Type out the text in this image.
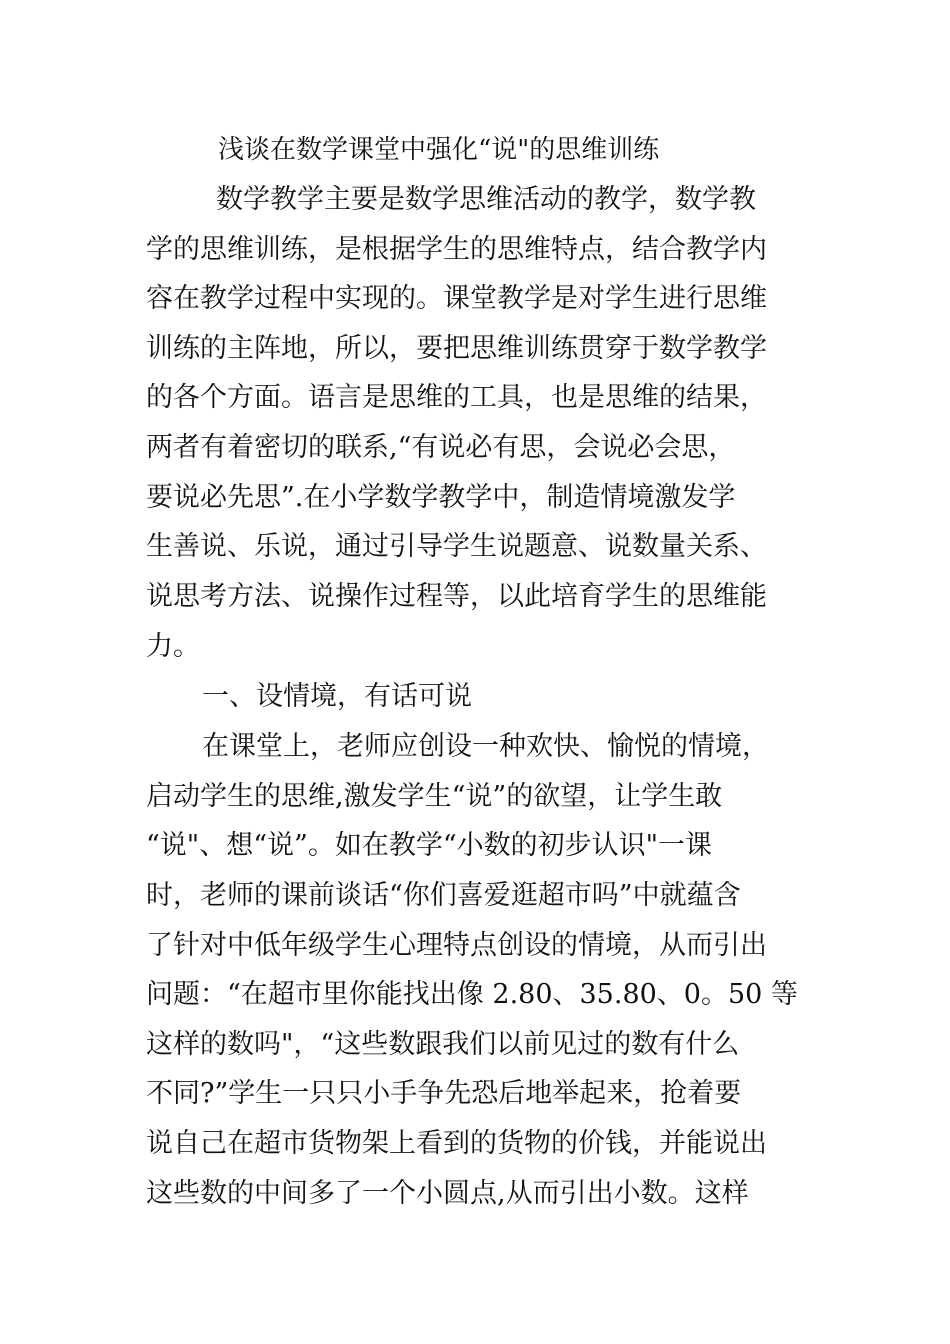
浅谈在数学课堂中强化“说"的思维训练
数学教学主要是数学思维活动的教学，数学教
学的思维训练，是根据学生的思维特点，结合教学内
容在教学过程中实现的。课堂教学是对学生进行思维
训练的主阵地，所以，要把思维训练贯穿于数学教学
的各个方面。语言是思维的工具，也是思维的结果，
两者有着密切的联系,“有说必有思，会说必会思，
要说必先思”.在小学数学教学中，制造情境激发学
生善说、乐说，通过引导学生说题意、说数量关系、
说思考方法、说操作过程等，以此培育学生的思维能
力。
一、设情境，有话可说
在课堂上，老师应创设一种欢快、愉悦的情境，
启动学生的思维,激发学生“说”的欲望，让学生敢
“说"、想“说”。如在教学“小数的初步认识"一课
时，老师的课前谈话“你们喜爱逛超市吗”中就蕴含
了针对中低年级学生心理特点创设的情境，从而引出
问题：“在超市里你能找出像 2.80、35.80、0。50 等
这样的数吗"，“这些数跟我们以前见过的数有什么
不同?”学生一只只小手争先恐后地举起来，抢着要
说自己在超市货物架上看到的货物的价钱，并能说出
这些数的中间多了一个小圆点,从而引出小数。这样
